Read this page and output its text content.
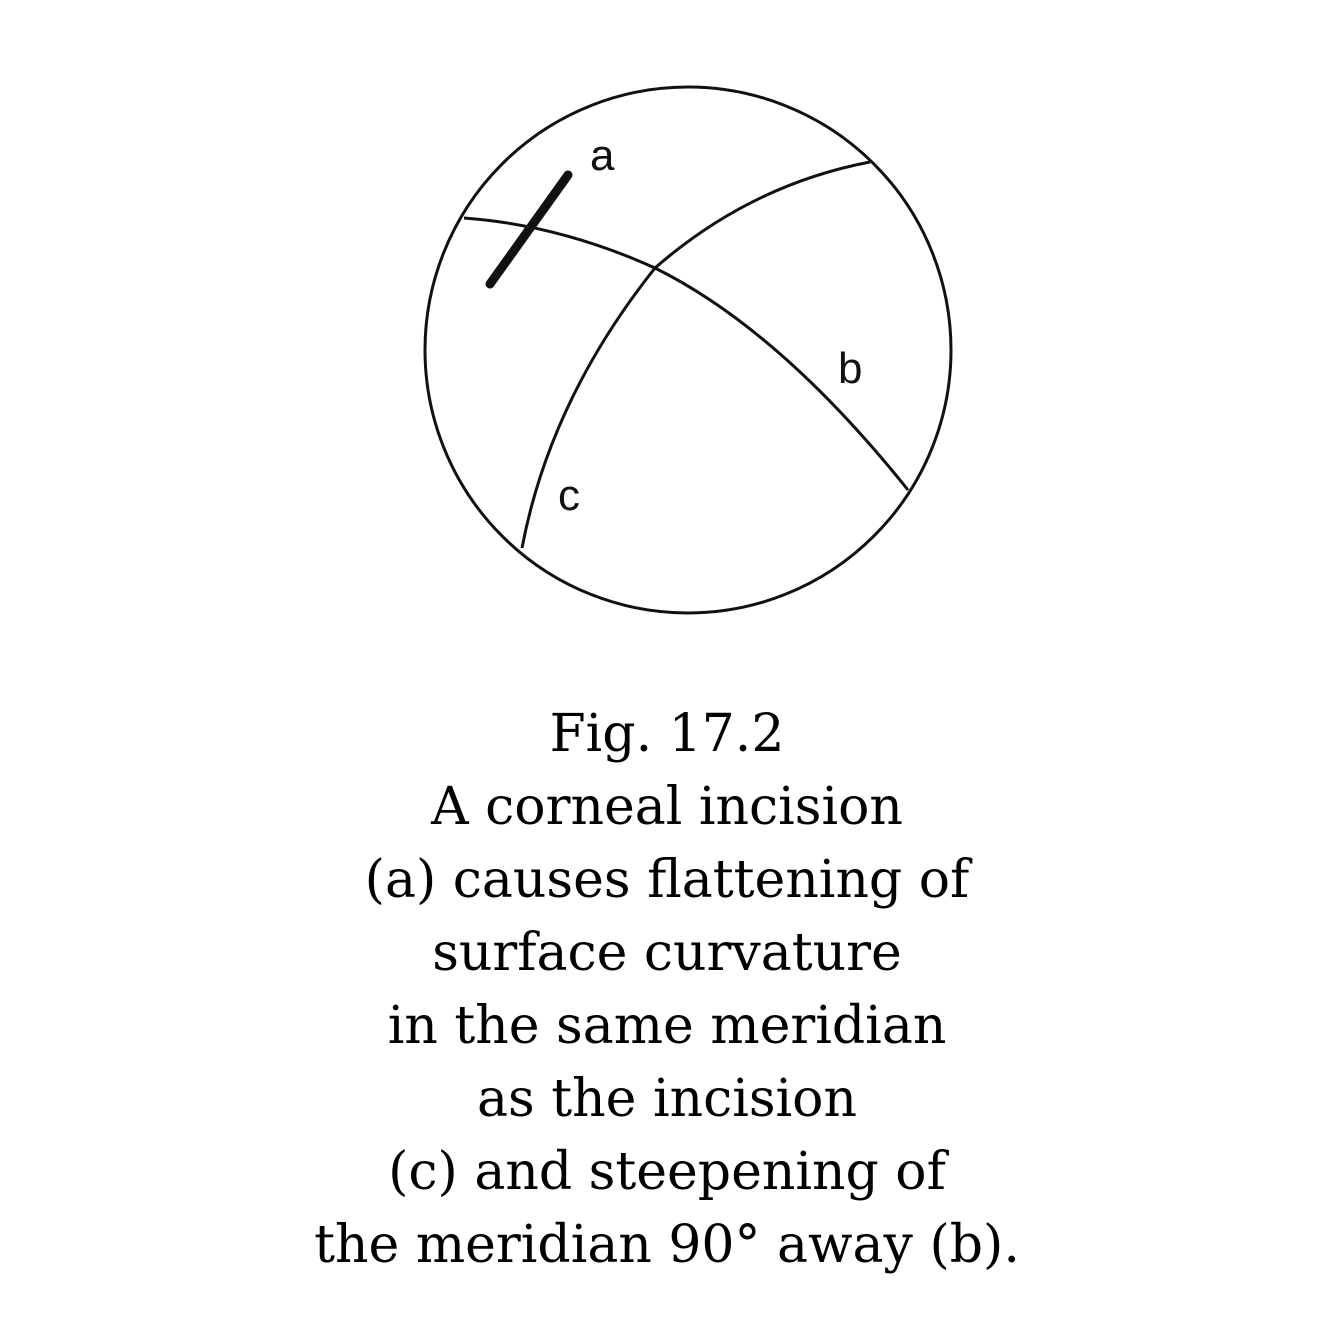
a
b
c

Fig. 17.2
A corneal incision
(a) causes flattening of
surface curvature
in the same meridian
as the incision
(c) and steepening of
the meridian 90° away (b).
